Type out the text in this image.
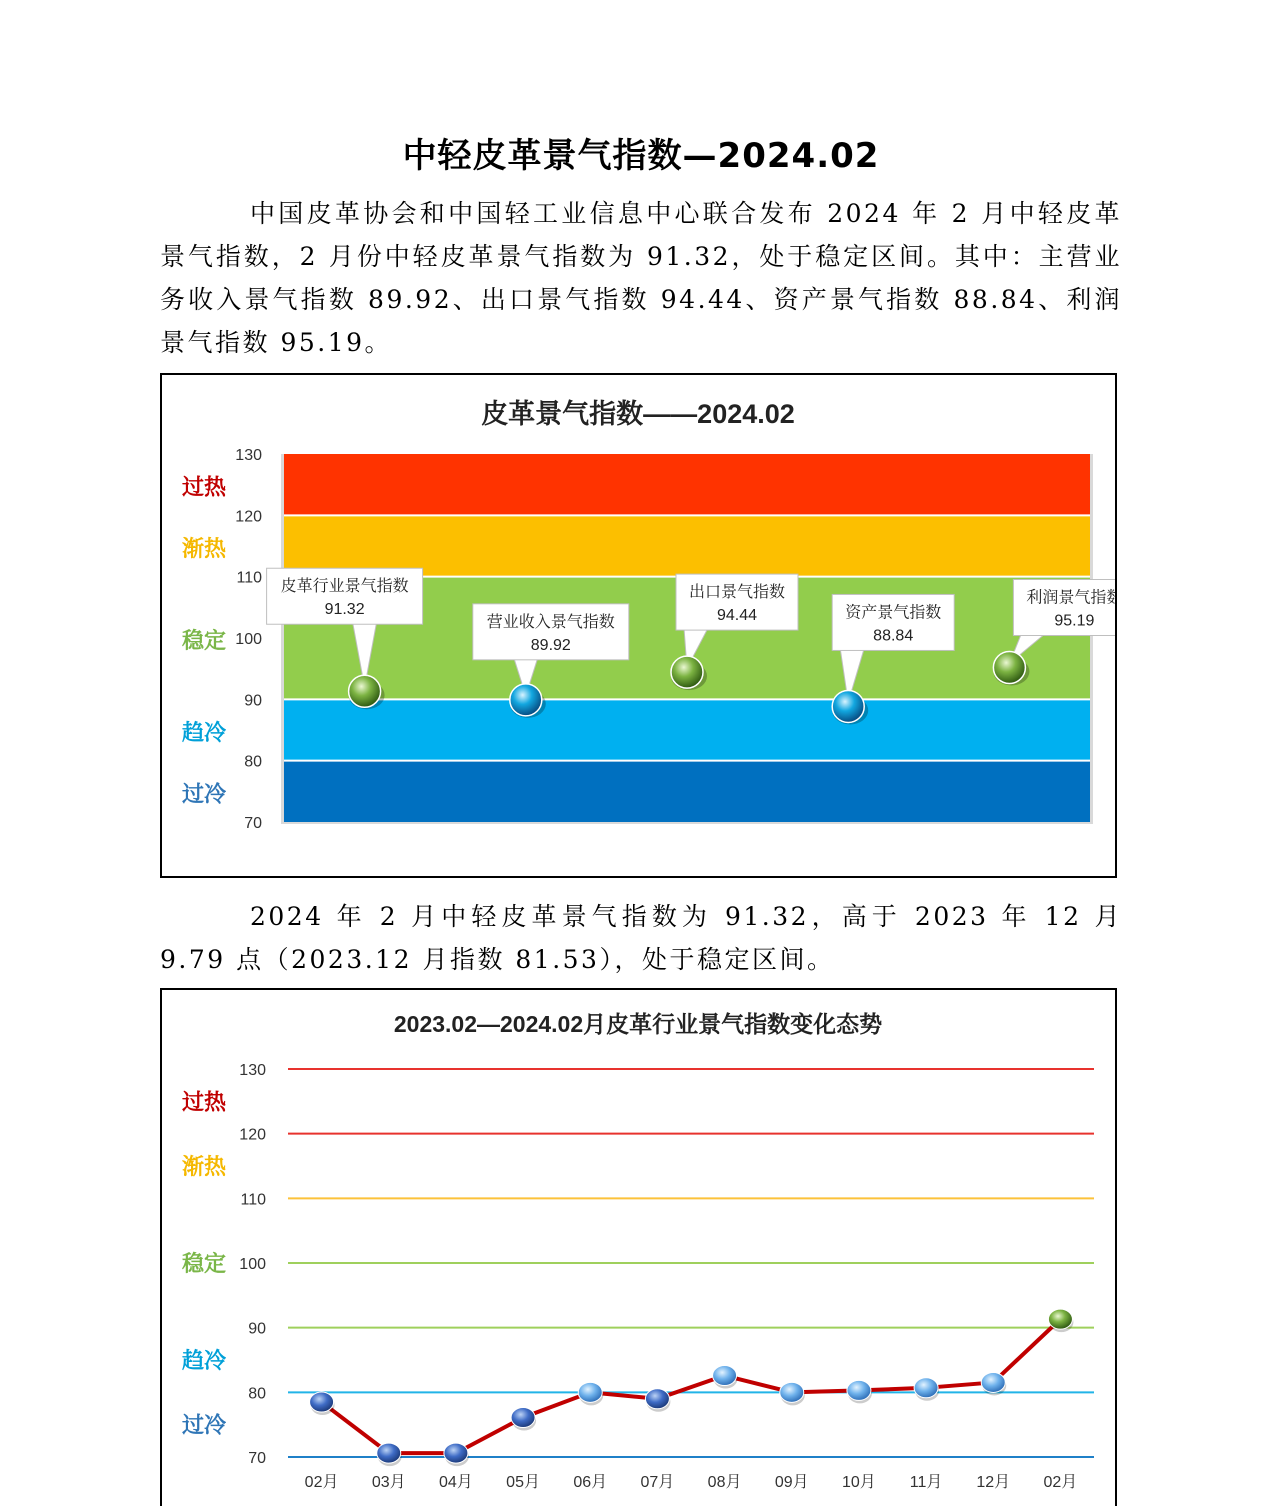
中轻皮革景气指数—2024.02

中国皮革协会和中国轻工业信息中心联合发布 2024 年 2 月中轻皮革景气指数，2 月份中轻皮革景气指数为 91.32，处于稳定区间。其中：主营业务收入景气指数 89.92、出口景气指数 94.44、资产景气指数 88.84、利润景气指数 95.19。

皮革景气指数——2024.02
过热
渐热
稳定
趋冷
过冷
70
80
90
100
110
120
130
皮革行业景气指数
91.32
营业收入景气指数
89.92
出口景气指数
94.44	资产景气指数
88.84
利润景气指数
95.19

2024 年 2 月中轻皮革景气指数为 91.32，高于 2023 年 12 月 9.79 点（2023.12 月指数 81.53），处于稳定区间。

2023.02—2024.02月皮革行业景气指数变化态势
70
80
90
100
110
120
130
过热
渐热
稳定
趋冷
过冷
02月 03月 04月 05月 06月 07月 08月 09月 10月 11月 12月 02月
